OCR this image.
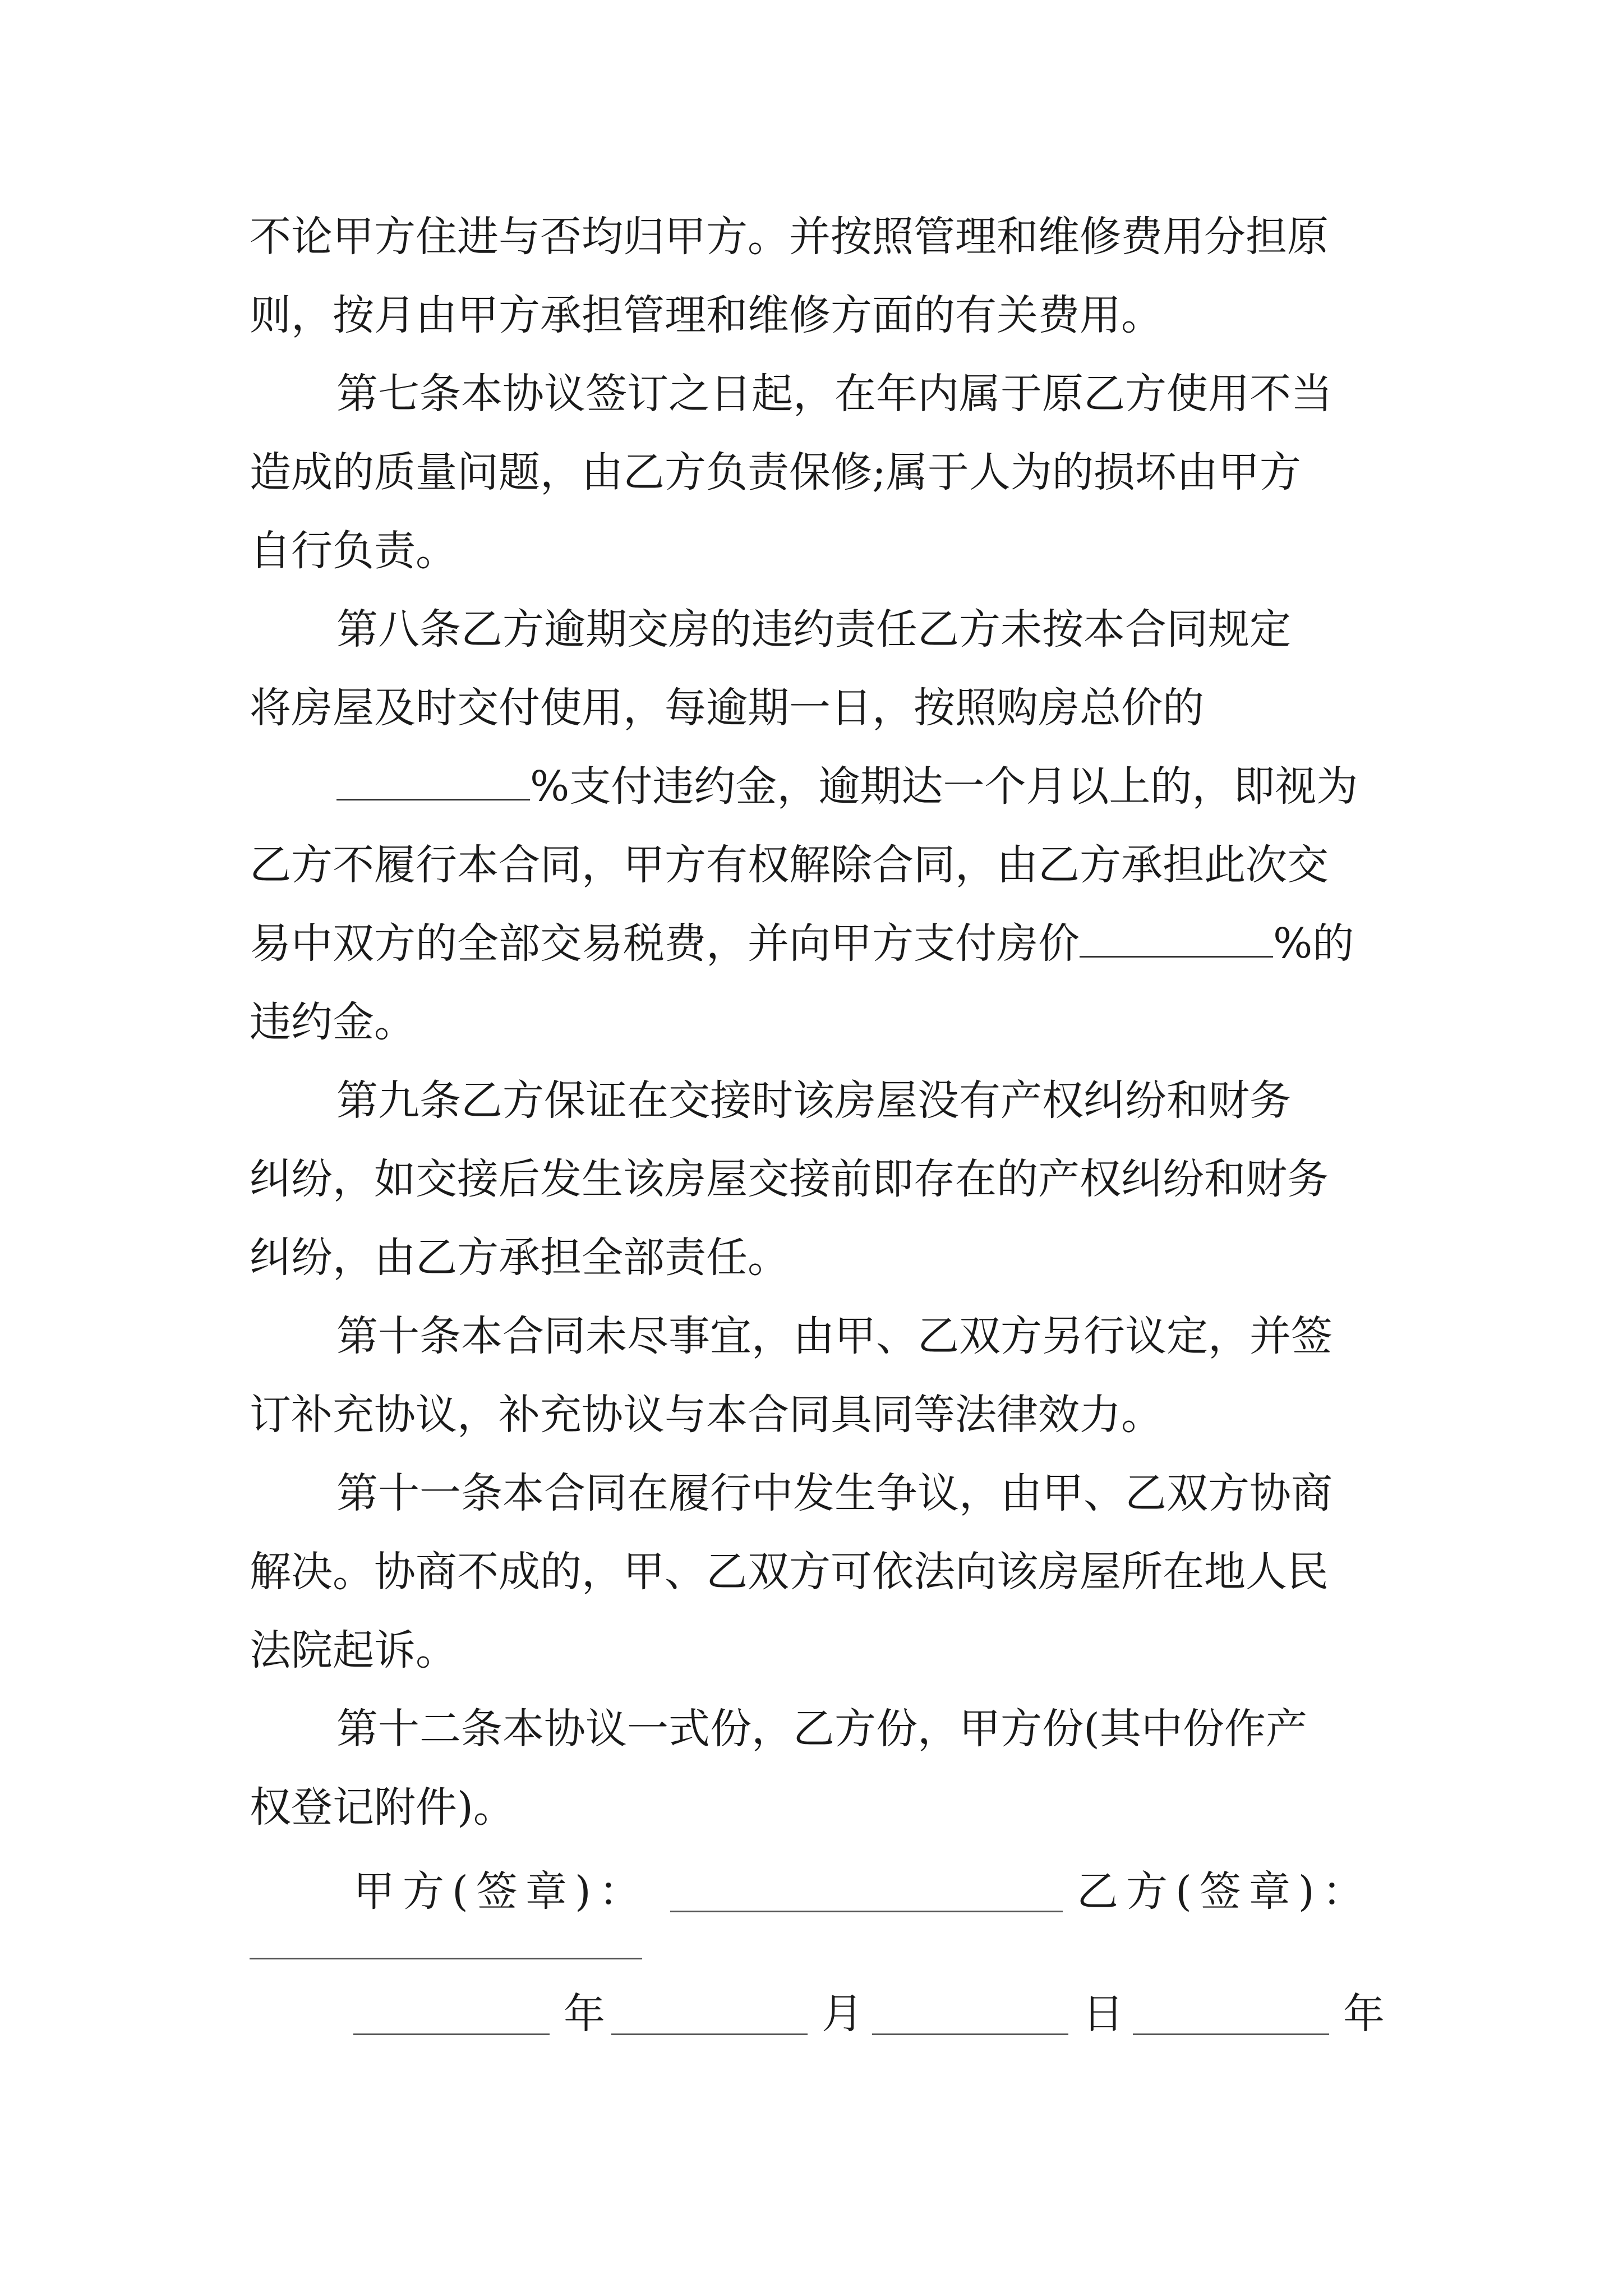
不论甲方住进与否均归甲方。并按照管理和维修费用分担原
则，按月由甲方承担管理和维修方面的有关费用。
第七条本协议签订之日起，在年内属于原乙方使用不当
造成的质量问题，由乙方负责保修;属于人为的损坏由甲方
自行负责。
第八条乙方逾期交房的违约责任乙方未按本合同规定
将房屋及时交付使用，每逾期一日，按照购房总价的
%支付违约金，逾期达一个月以上的，即视为
乙方不履行本合同，甲方有权解除合同，由乙方承担此次交
易中双方的全部交易税费，并向甲方支付房价	%的
违约金。
第九条乙方保证在交接时该房屋没有产权纠纷和财务
纠纷，如交接后发生该房屋交接前即存在的产权纠纷和财务
纠纷，由乙方承担全部责任。
第十条本合同未尽事宜，由甲、乙双方另行议定，并签
订补充协议，补充协议与本合同具同等法律效力。
第十一条本合同在履行中发生争议，由甲、乙双方协商
解决。协商不成的，甲、乙双方可依法向该房屋所在地人民
法院起诉。
第十二条本协议一式份，乙方份，甲方份(其中份作产
权登记附件)。
甲方(签章)：	乙方(签章)：
年	月	日	年
